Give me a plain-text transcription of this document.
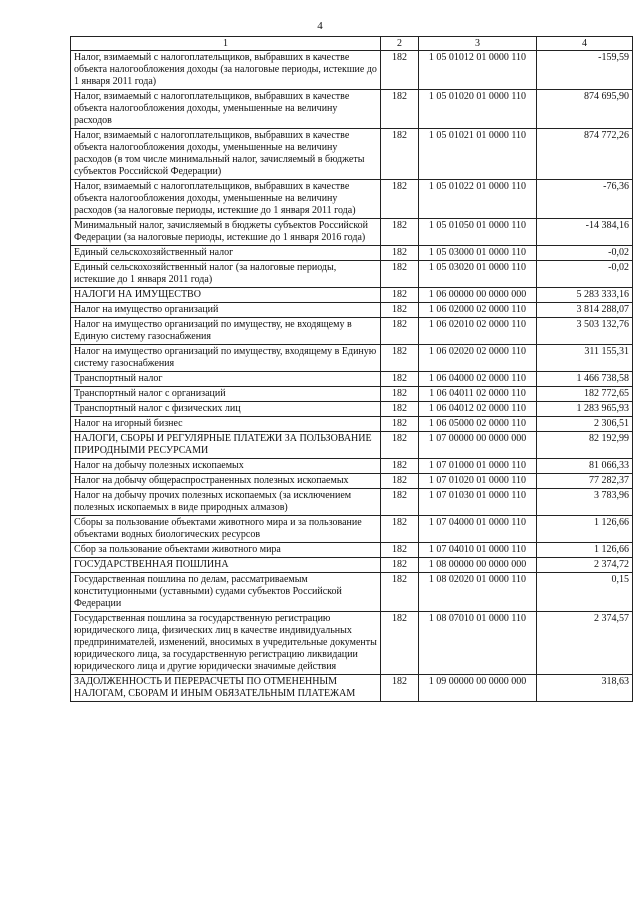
4
1	2	3	4
Налог, взимаемый с налогоплательщиков, выбравших в качестве объекта налогообложения доходы (за налоговые периоды, истекшие до 1 января 2011 года)	182	1 05 01012 01 0000 110	-159,59
Налог, взимаемый с налогоплательщиков, выбравших в качестве объекта налогообложения доходы, уменьшенные на величину расходов	182	1 05 01020 01 0000 110	874 695,90
Налог, взимаемый с налогоплательщиков, выбравших в качестве объекта налогообложения доходы, уменьшенные на величину расходов (в том числе минимальный налог, зачисляемый в бюджеты субъектов Российской Федерации)	182	1 05 01021 01 0000 110	874 772,26
Налог, взимаемый с налогоплательщиков, выбравших в качестве объекта налогообложения доходы, уменьшенные на величину расходов (за налоговые периоды, истекшие до 1 января 2011 года)	182	1 05 01022 01 0000 110	-76,36
Минимальный налог, зачисляемый в бюджеты субъектов Российской Федерации (за налоговые периоды, истекшие до 1 января 2016 года)	182	1 05 01050 01 0000 110	-14 384,16
Единый сельскохозяйственный налог	182	1 05 03000 01 0000 110	-0,02
Единый сельскохозяйственный налог (за налоговые периоды, истекшие до 1 января 2011 года)	182	1 05 03020 01 0000 110	-0,02
НАЛОГИ НА ИМУЩЕСТВО	182	1 06 00000 00 0000 000	5 283 333,16
Налог на имущество организаций	182	1 06 02000 02 0000 110	3 814 288,07
Налог на имущество организаций по имуществу, не входящему в Единую систему газоснабжения	182	1 06 02010 02 0000 110	3 503 132,76
Налог на имущество организаций по имуществу, входящему в Единую систему газоснабжения	182	1 06 02020 02 0000 110	311 155,31
Транспортный налог	182	1 06 04000 02 0000 110	1 466 738,58
Транспортный налог с организаций	182	1 06 04011 02 0000 110	182 772,65
Транспортный налог с физических лиц	182	1 06 04012 02 0000 110	1 283 965,93
Налог на игорный бизнес	182	1 06 05000 02 0000 110	2 306,51
НАЛОГИ, СБОРЫ И РЕГУЛЯРНЫЕ ПЛАТЕЖИ ЗА ПОЛЬЗОВАНИЕ ПРИРОДНЫМИ РЕСУРСАМИ	182	1 07 00000 00 0000 000	82 192,99
Налог на добычу полезных ископаемых	182	1 07 01000 01 0000 110	81 066,33
Налог на добычу общераспространенных полезных ископаемых	182	1 07 01020 01 0000 110	77 282,37
Налог на добычу прочих полезных ископаемых (за исключением полезных ископаемых в виде природных алмазов)	182	1 07 01030 01 0000 110	3 783,96
Сборы за пользование объектами животного мира и за пользование объектами водных биологических ресурсов	182	1 07 04000 01 0000 110	1 126,66
Сбор за пользование объектами животного мира	182	1 07 04010 01 0000 110	1 126,66
ГОСУДАРСТВЕННАЯ ПОШЛИНА	182	1 08 00000 00 0000 000	2 374,72
Государственная пошлина по делам, рассматриваемым конституционными (уставными) судами субъектов Российской Федерации	182	1 08 02020 01 0000 110	0,15
Государственная пошлина за государственную регистрацию юридического лица, физических лиц в качестве индивидуальных предпринимателей, изменений, вносимых в учредительные документы юридического лица, за государственную регистрацию ликвидации юридического лица и другие юридически значимые действия	182	1 08 07010 01 0000 110	2 374,57
ЗАДОЛЖЕННОСТЬ И ПЕРЕРАСЧЕТЫ ПО ОТМЕНЕННЫМ НАЛОГАМ, СБОРАМ И ИНЫМ ОБЯЗАТЕЛЬНЫМ ПЛАТЕЖАМ	182	1 09 00000 00 0000 000	318,63
